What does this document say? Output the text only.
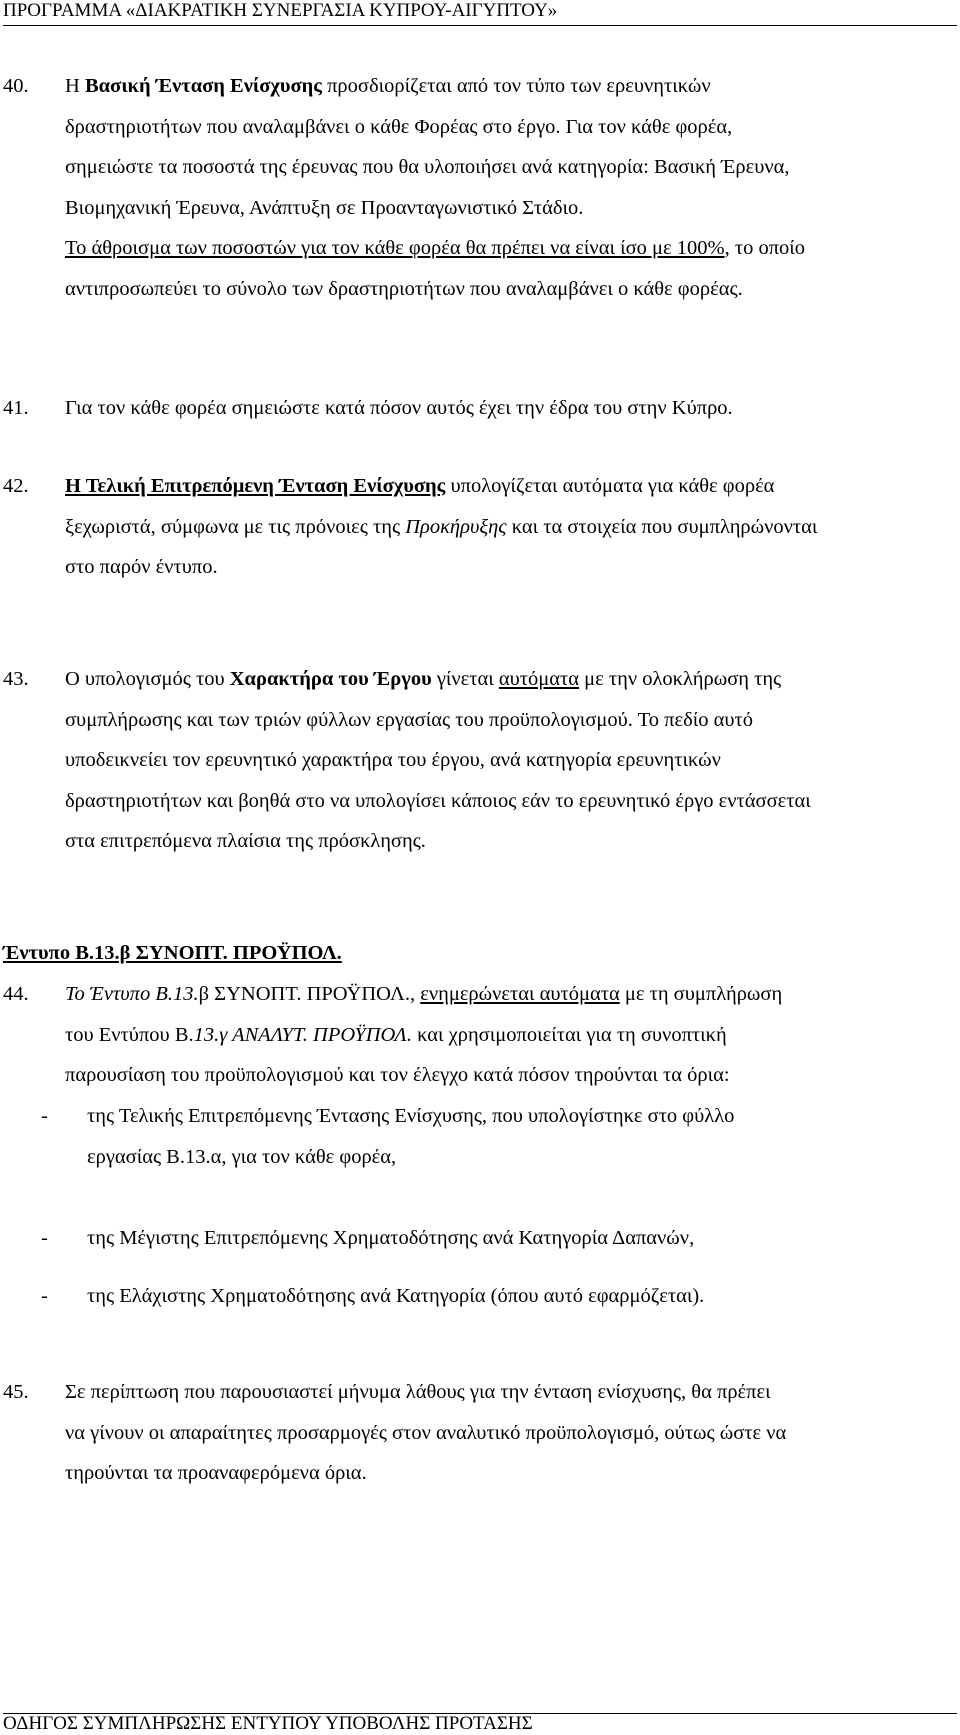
ΠΡΟΓΡΑΜΜΑ «ΔΙΑΚΡΑΤΙΚΗ ΣΥΝΕΡΓΑΣΙΑ ΚΥΠΡΟΥ-ΑΙΓΥΠΤΟΥ»
40. Η Βασική Ένταση Ενίσχυσης προσδιορίζεται από τον τύπο των ερευνητικών
δραστηριοτήτων που αναλαμβάνει ο κάθε Φορέας στο έργο. Για τον κάθε φορέα,
σημειώστε τα ποσοστά της έρευνας που θα υλοποιήσει ανά κατηγορία: Βασική Έρευνα,
Βιομηχανική Έρευνα, Ανάπτυξη σε Προανταγωνιστικό Στάδιο.
Το άθροισμα των ποσοστών για τον κάθε φορέα θα πρέπει να είναι ίσο με 100%, το οποίο
αντιπροσωπεύει το σύνολο των δραστηριοτήτων που αναλαμβάνει ο κάθε φορέας.
41. Για τον κάθε φορέα σημειώστε κατά πόσον αυτός έχει την έδρα του στην Κύπρο.
42. Η Τελική Επιτρεπόμενη Ένταση Ενίσχυσης υπολογίζεται αυτόματα για κάθε φορέα
ξεχωριστά, σύμφωνα με τις πρόνοιες της Προκήρυξης και τα στοιχεία που συμπληρώνονται
στο παρόν έντυπο.
43. Ο υπολογισμός του Χαρακτήρα του Έργου γίνεται αυτόματα με την ολοκλήρωση της
συμπλήρωσης και των τριών φύλλων εργασίας του προϋπολογισμού. Το πεδίο αυτό
υποδεικνείει τον ερευνητικό χαρακτήρα του έργου, ανά κατηγορία ερευνητικών
δραστηριοτήτων και βοηθά στο να υπολογίσει κάποιος εάν το ερευνητικό έργο εντάσσεται
στα επιτρεπόμενα πλαίσια της πρόσκλησης.
Έντυπο Β.13.β ΣΥΝΟΠΤ. ΠΡΟΫΠΟΛ.
44. Το Έντυπο Β.13.β ΣΥΝΟΠΤ. ΠΡΟΫΠΟΛ., ενημερώνεται αυτόματα με τη συμπλήρωση
του Εντύπου Β.13.γ ΑΝΑΛΥΤ. ΠΡΟΫΠΟΛ. και χρησιμοποιείται για τη συνοπτική
παρουσίαση του προϋπολογισμού και τον έλεγχο κατά πόσον τηρούνται τα όρια:
- της Τελικής Επιτρεπόμενης Έντασης Ενίσχυσης, που υπολογίστηκε στο φύλλο
εργασίας Β.13.α, για τον κάθε φορέα,
- της Μέγιστης Επιτρεπόμενης Χρηματοδότησης ανά Κατηγορία Δαπανών,
- της Ελάχιστης Χρηματοδότησης ανά Κατηγορία (όπου αυτό εφαρμόζεται).
45. Σε περίπτωση που παρουσιαστεί μήνυμα λάθους για την ένταση ενίσχυσης, θα πρέπει
να γίνουν οι απαραίτητες προσαρμογές στον αναλυτικό προϋπολογισμό, ούτως ώστε να
τηρούνται τα προαναφερόμενα όρια.
ΟΔΗΓΟΣ ΣΥΜΠΛΗΡΩΣΗΣ ΕΝΤΥΠΟΥ ΥΠΟΒΟΛΗΣ ΠΡΟΤΑΣΗΣ
